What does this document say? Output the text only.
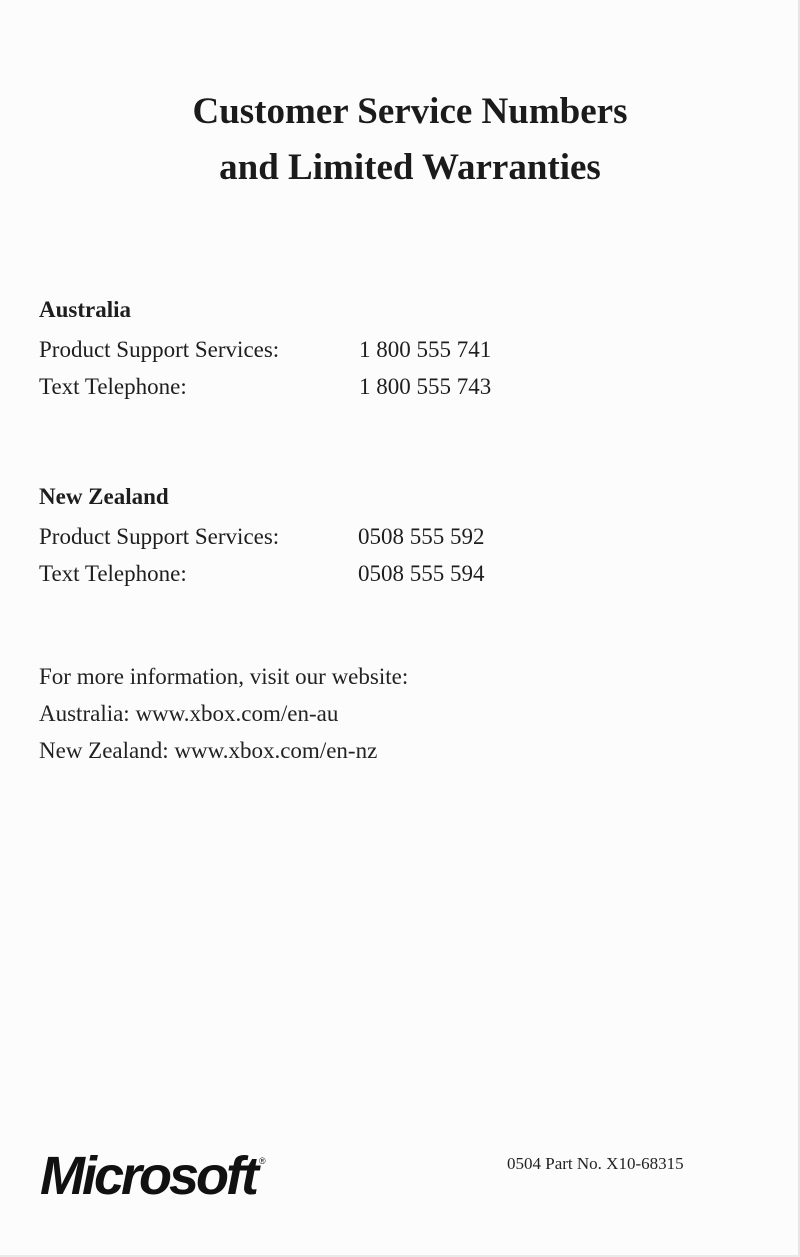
Customer Service Numbers
and Limited Warranties
Australia
Product Support Services:	1 800 555 741
Text Telephone:	1 800 555 743
New Zealand
Product Support Services:	0508 555 592
Text Telephone:	0508 555 594
For more information, visit our website:
Australia: www.xbox.com/en-au
New Zealand: www.xbox.com/en-nz
Microsoft ®	0504 Part No. X10-68315
